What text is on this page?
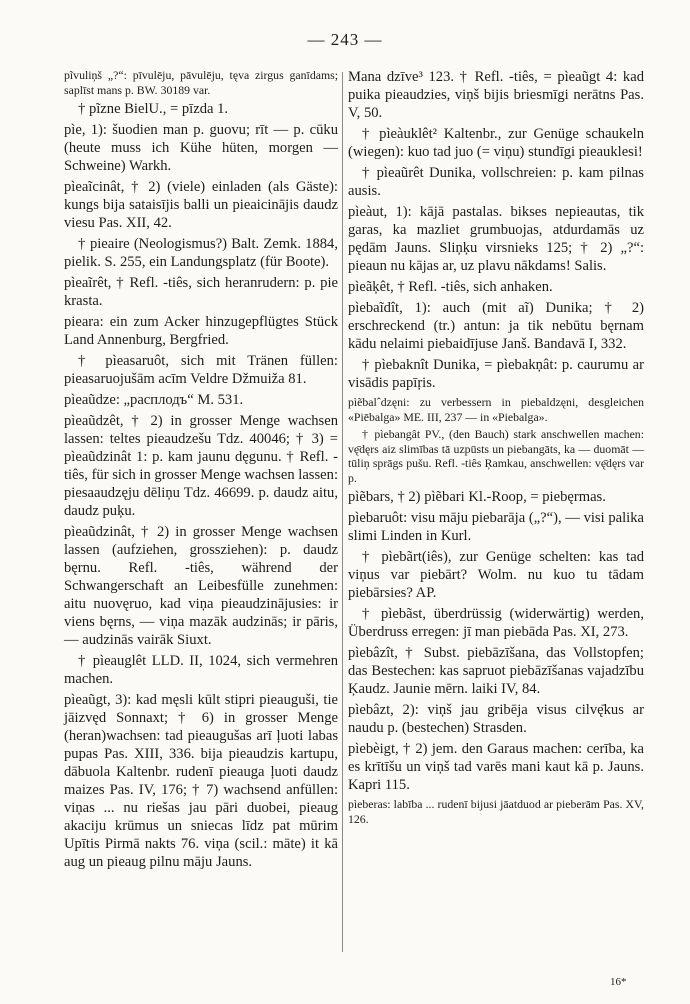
— 243 —

pĩvuliņš „?“: pīvulēju, pāvulēju, tęva zirgus ganīdams; saplīst mans p. BW. 30189 var.

† pĩzne BielU., = pīzda 1.

pìe, 1): šuodien man p. guovu; rīt — p. cūku (heute muss ich Kühe hüten, morgen — Schweine) Warkh.

pìeaĩcinât, † 2) (viele) einladen (als Gäste): kungs bija sataisījis balli un pieaicinājis daudz viesu Pas. XII, 42.

† pieaire (Neologismus?) Balt. Zemk. 1884, pielik. S. 255, ein Landungsplatz (für Boote).

pìeaĩrêt, † Refl. -tiês, sich heranrudern: p. pie krasta.

pieara: ein zum Acker hinzugepflügtes Stück Land Annenburg, Bergfried.

† pìeasaruôt, sich mit Tränen füllen: pieasaruojušām acīm Veldre Džmuiža 81.

pìeaũdze: „расплодъ“ M. 531.

pìeaũdzêt, † 2) in grosser Menge wachsen lassen: teltes pieaudzešu Tdz. 40046; † 3) = pìeaũdzinât 1: p. kam jaunu dęgunu. † Refl. -tiês, für sich in grosser Menge wachsen lassen: piesaaudzęju dēliņu Tdz. 46699. p. daudz aitu, daudz puķu.

pìeaũdzinât, † 2) in grosser Menge wachsen lassen (aufziehen, grossziehen): p. daudz bęrnu. Refl. -tiês, während der Schwangerschaft an Leibesfülle zunehmen: aitu nuovęruo, kad viņa pieaudzinājusies: ir viens bęrns, — viņa mazāk audzinās; ir pāris, — audzinās vairāk Siuxt.

† pìeauglêt LLD. II, 1024, sich vermehren machen.

pìeaũgt, 3): kad męsli kūlt stipri pieauguši, tie jāizvęd Sonnaxt; † 6) in grosser Menge (heran)wachsen: tad pieaugušas arī ļuoti labas pupas Pas. XIII, 336. bija pieaudzis kartupu, dābuola Kaltenbr. rudenī pieauga ļuoti daudz maizes Pas. IV, 176; † 7) wachsend anfüllen: viņas ... nu riešas jau pāri duobei, pieaug akaciju krūmus un sniecas līdz pat mūrim Upītis Pirmā nakts 76. viņa (scil.: māte) it kā aug un pieaug pilnu māju Jauns.

Mana dzīve³ 123. † Refl. -tiês, = pìeaũgt 4: kad puika pieaudzies, viņš bijis briesmīgi nerātns Pas. V, 50.

† pìeàuklêt² Kaltenbr., zur Genüge schaukeln (wiegen): kuo tad juo (= viņu) stundīgi pieauklesi!

† pìeaũrêt Dunika, vollschreien: p. kam pilnas ausis.

pìeàut, 1): kājā pastalas. bikses nepieautas, tik garas, ka mazliet grumbuojas, atdurdamās uz pędām Jauns. Sliņķu virsnieks 125; † 2) „?“: pieaun nu kājas ar, uz plavu nākdams! Salis.

pìeãķêt, † Refl. -tiês, sich anhaken.

pìebaĩdît, 1): auch (mit aĩ) Dunika; † 2) erschreckend (tr.) antun: ja tik nebūtu bęrnam kādu nelaimi piebaidījuse Janš. Bandavā I, 332.

† pìebaknît Dunika, = pìebakņât: p. caurumu ar visādis papīŗis.

pìẽbalˆdzęni: zu verbessern in piebaldzęni, desgleichen «Piēbalga» ME. III, 237 — in «Piebalga».

† pìebangât PV., (den Bauch) stark anschwellen machen: vę̄dęrs aiz slimības tā uzpūsts un piebangāts, ka — duomāt — tūliņ sprāgs pušu. Refl. -tiês Ŗamkau, anschwellen: vę̄dęrs var p.

pìẽbars, † 2) pìẽbari Kl.-Roop, = piebęrmas.

pìebaruôt: visu māju piebarāja („?“), — visi palika slimi Linden in Kurl.

† pìebãrt(iês), zur Genüge schelten: kas tad viņus var piebārt? Wolm. nu kuo tu tādam piebārsies? AP.

† pìebãst, überdrüssig (widerwärtig) werden, Überdruss erregen: jī man piebāda Pas. XI, 273.

pìebâzît, † Subst. piebāzīšana, das Vollstopfen; das Bestechen: kas sapruot piebāzīšanas vajadzību Ķaudz. Jaunie mērn. laiki IV, 84.

pìebâzt, 2): viņš jau gribēja visus cilvę̄kus ar naudu p. (bestechen) Strasden.

pìebèigt, † 2) jem. den Garaus machen: cerība, ka es krītīšu un viņš tad varēs mani kaut kā p. Jauns. Kapri 115.

pìeberas: labība ... rudenī bijusi jāatduod ar pieberām Pas. XV, 126.

16*
